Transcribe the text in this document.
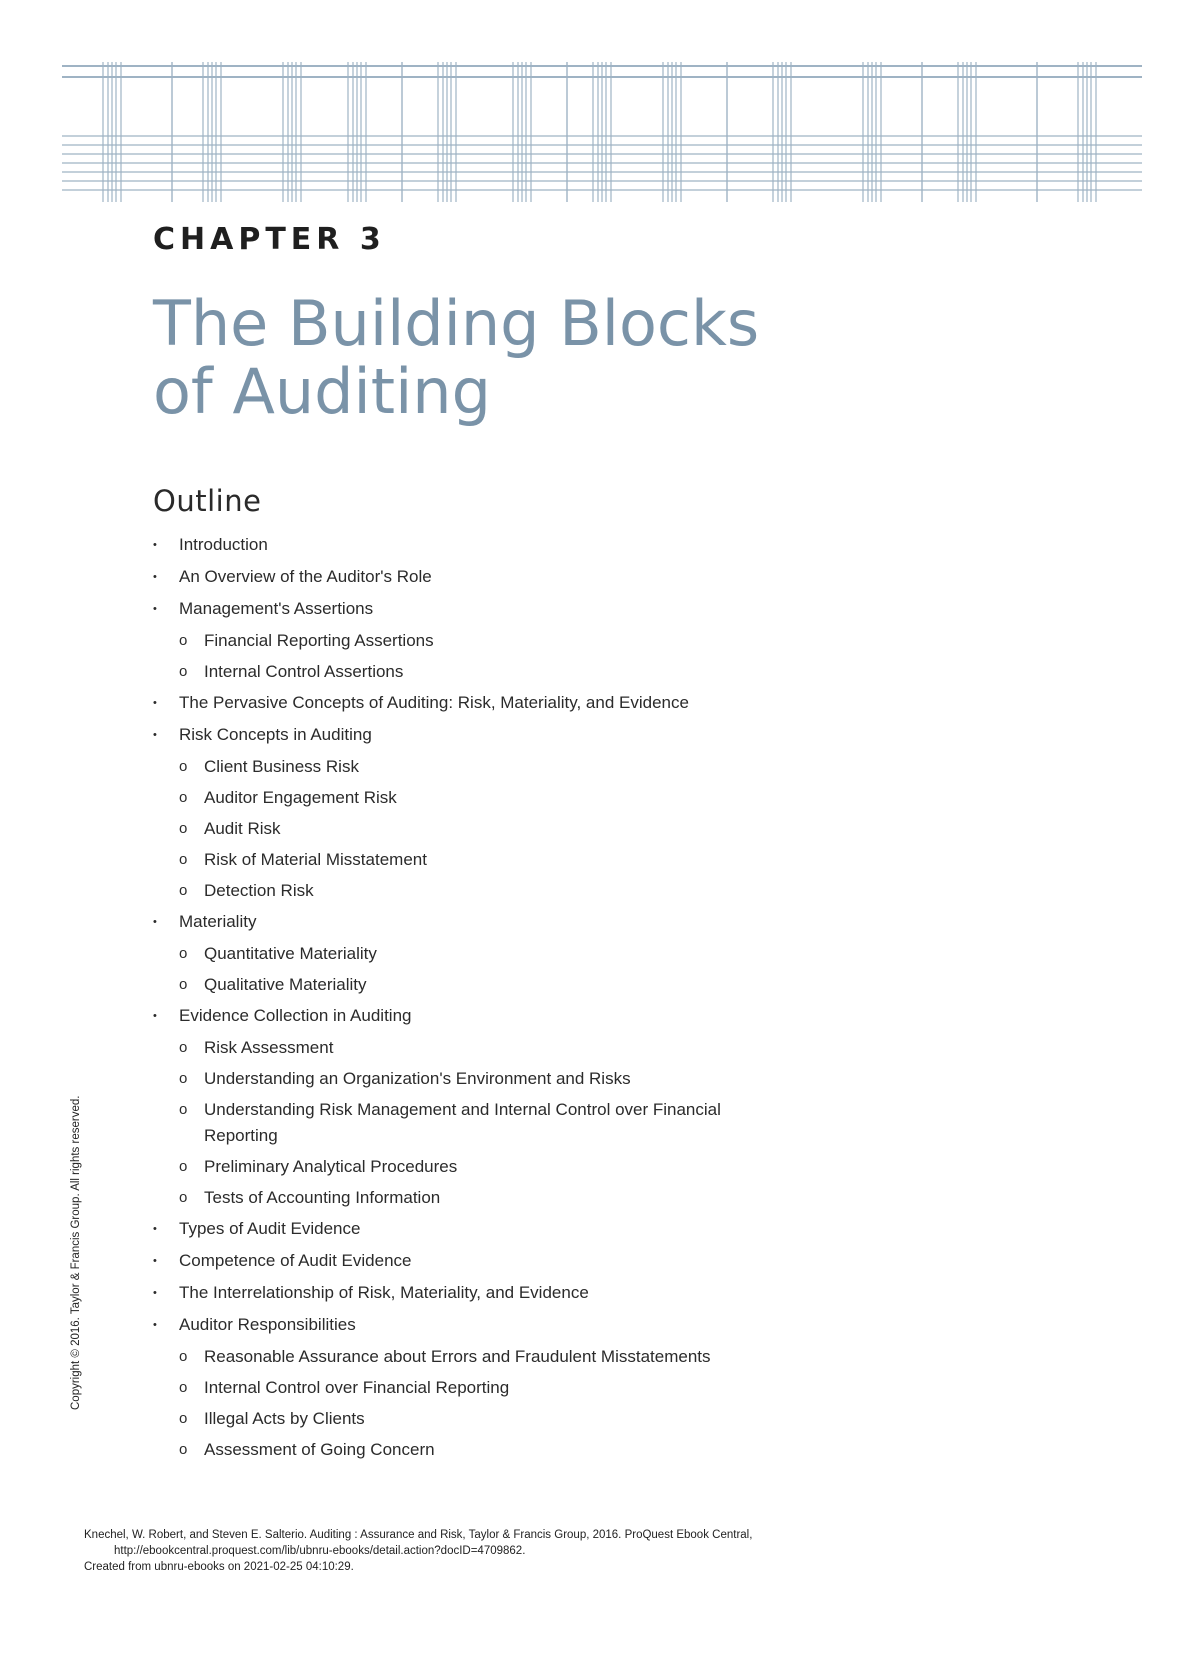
CHAPTER 3
The Building Blocks
of Auditing
Outline
• Introduction
• An Overview of the Auditor's Role
• Management's Assertions
o Financial Reporting Assertions
o Internal Control Assertions
• The Pervasive Concepts of Auditing: Risk, Materiality, and Evidence
• Risk Concepts in Auditing
o Client Business Risk
o Auditor Engagement Risk
o Audit Risk
o Risk of Material Misstatement
o Detection Risk
• Materiality
o Quantitative Materiality
o Qualitative Materiality
• Evidence Collection in Auditing
o Risk Assessment
o Understanding an Organization's Environment and Risks
o Understanding Risk Management and Internal Control over Financial Reporting
o Preliminary Analytical Procedures
o Tests of Accounting Information
• Types of Audit Evidence
• Competence of Audit Evidence
• The Interrelationship of Risk, Materiality, and Evidence
• Auditor Responsibilities
o Reasonable Assurance about Errors and Fraudulent Misstatements
o Internal Control over Financial Reporting
o Illegal Acts by Clients
o Assessment of Going Concern
Copyright © 2016. Taylor & Francis Group. All rights reserved.
Knechel, W. Robert, and Steven E. Salterio. Auditing : Assurance and Risk, Taylor & Francis Group, 2016. ProQuest Ebook Central,
http://ebookcentral.proquest.com/lib/ubnru-ebooks/detail.action?docID=4709862.
Created from ubnru-ebooks on 2021-02-25 04:10:29.
